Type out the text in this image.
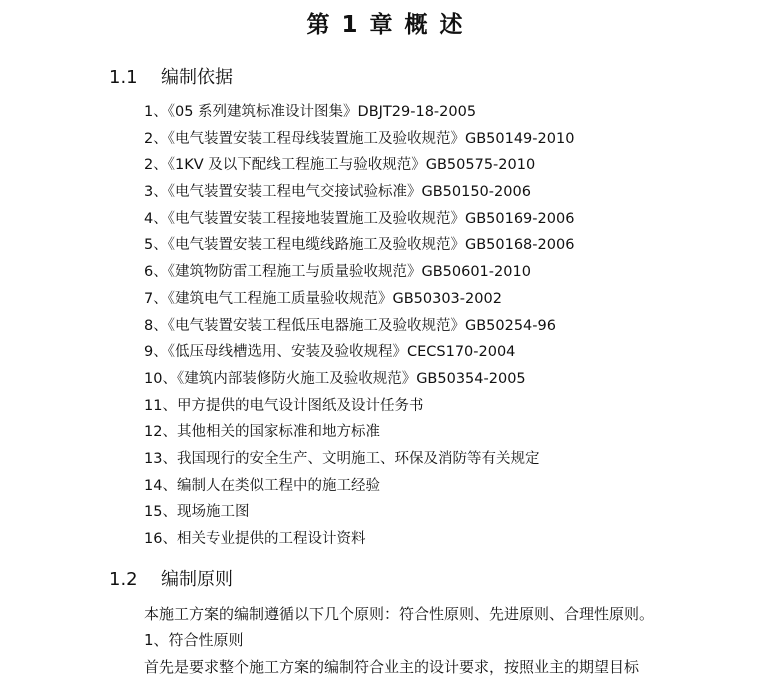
第 1 章 概 述
1.1 编制依据
1、《05 系列建筑标准设计图集》DBJT29-18-2005
2、《电气装置安装工程母线装置施工及验收规范》GB50149-2010
2、《1KV 及以下配线工程施工与验收规范》GB50575-2010
3、《电气装置安装工程电气交接试验标准》GB50150-2006
4、《电气装置安装工程接地装置施工及验收规范》GB50169-2006
5、《电气装置安装工程电缆线路施工及验收规范》GB50168-2006
6、《建筑物防雷工程施工与质量验收规范》GB50601-2010
7、《建筑电气工程施工质量验收规范》GB50303-2002
8、《电气装置安装工程低压电器施工及验收规范》GB50254-96
9、《低压母线槽选用、安装及验收规程》CECS170-2004
10、《建筑内部装修防火施工及验收规范》GB50354-2005
11、甲方提供的电气设计图纸及设计任务书
12、其他相关的国家标准和地方标准
13、我国现行的安全生产、文明施工、环保及消防等有关规定
14、编制人在类似工程中的施工经验
15、现场施工图
16、相关专业提供的工程设计资料
1.2 编制原则

本施工方案的编制遵循以下几个原则：符合性原则、先进原则、合理性原则。

1、符合性原则

首先是要求整个施工方案的编制符合业主的设计要求，按照业主的期望目标
